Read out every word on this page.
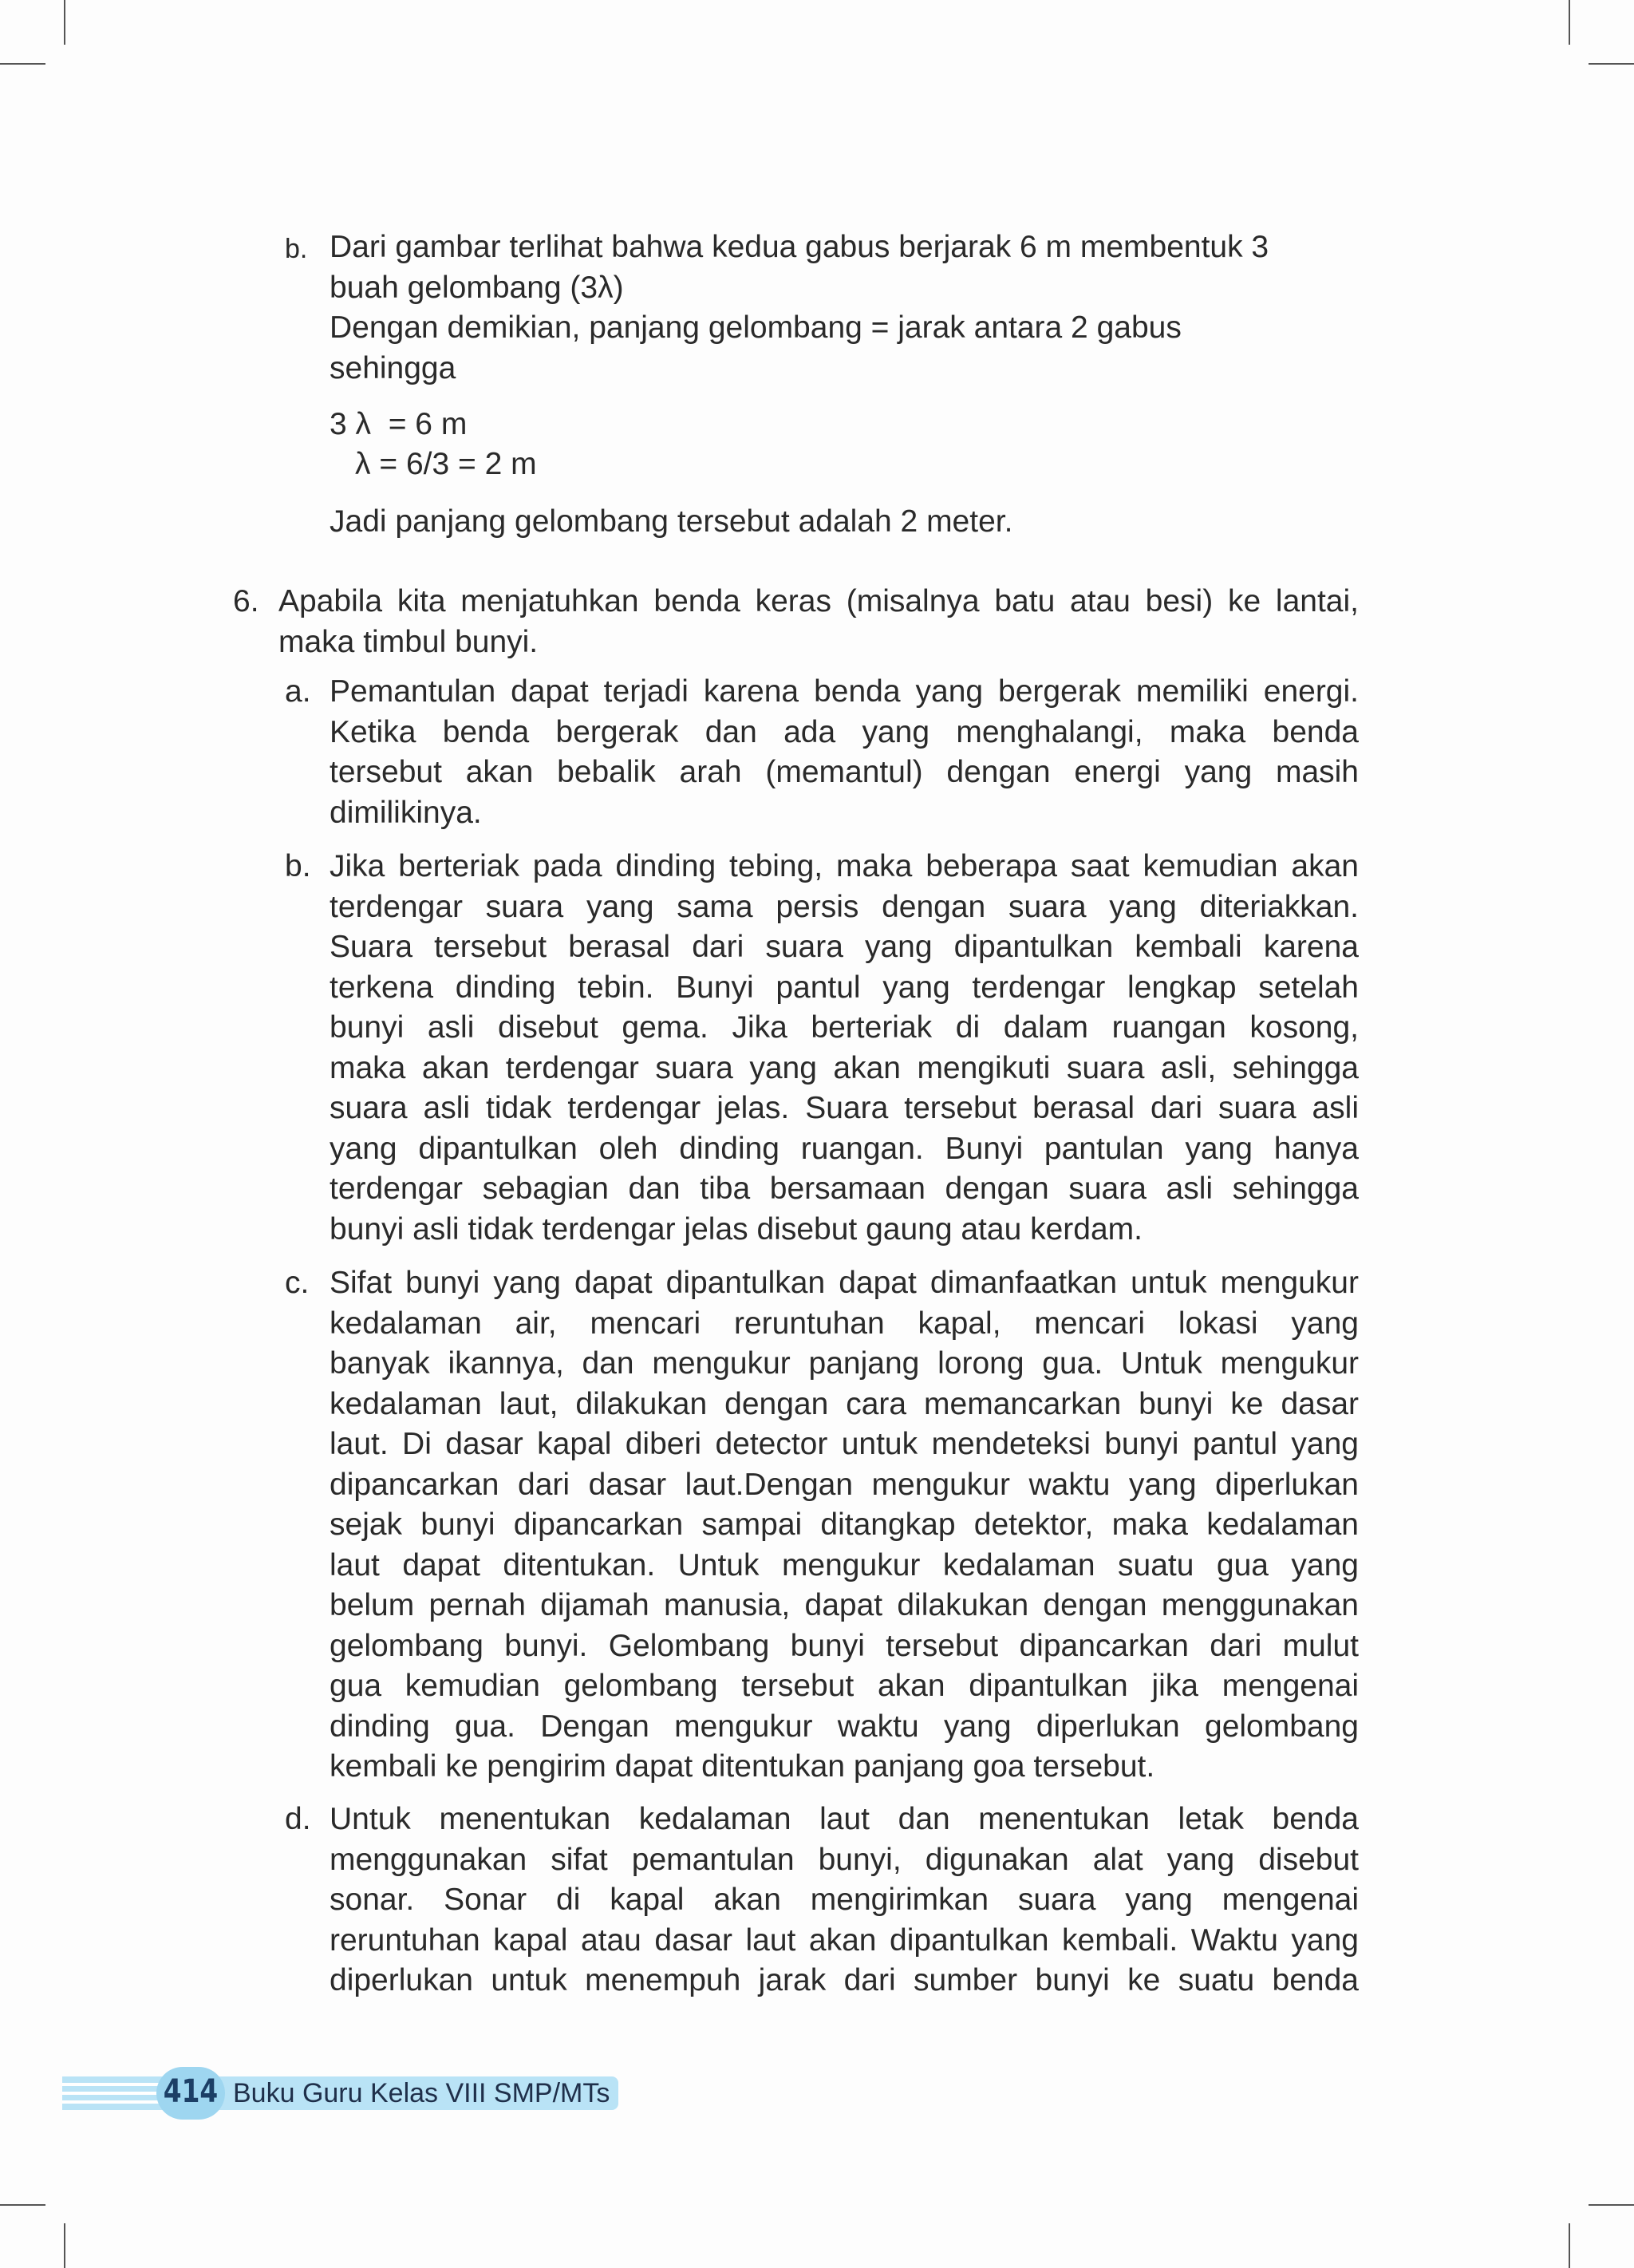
b. Dari gambar terlihat bahwa kedua gabus berjarak 6 m membentuk 3
buah gelombang (3λ)
Dengan demikian, panjang gelombang = jarak antara 2 gabus
sehingga
3 λ  = 6 m
λ = 6/3 = 2 m
Jadi panjang gelombang tersebut adalah 2 meter.
6. Apabila kita menjatuhkan benda keras (misalnya batu atau besi) ke lantai,
maka timbul bunyi.
a. Pemantulan dapat terjadi karena benda yang bergerak memiliki energi.
Ketika benda bergerak dan ada yang menghalangi, maka benda
tersebut akan bebalik arah (memantul) dengan energi yang masih
dimilikinya.
b. Jika berteriak pada dinding tebing, maka beberapa saat kemudian akan
terdengar suara yang sama persis dengan suara yang diteriakkan.
Suara tersebut berasal dari suara yang dipantulkan kembali karena
terkena dinding tebin. Bunyi pantul yang terdengar lengkap setelah
bunyi asli disebut gema. Jika berteriak di dalam ruangan kosong,
maka akan terdengar suara yang akan mengikuti suara asli, sehingga
suara asli tidak terdengar jelas. Suara tersebut berasal dari suara asli
yang dipantulkan oleh dinding ruangan. Bunyi pantulan yang hanya
terdengar sebagian dan tiba bersamaan dengan suara asli sehingga
bunyi asli tidak terdengar jelas disebut gaung atau kerdam.
c. Sifat bunyi yang dapat dipantulkan dapat dimanfaatkan untuk mengukur
kedalaman air, mencari reruntuhan kapal, mencari lokasi yang
banyak ikannya, dan mengukur panjang lorong gua. Untuk mengukur
kedalaman laut, dilakukan dengan cara memancarkan bunyi ke dasar
laut. Di dasar kapal diberi detector untuk mendeteksi bunyi pantul yang
dipancarkan dari dasar laut.Dengan mengukur waktu yang diperlukan
sejak bunyi dipancarkan sampai ditangkap detektor, maka kedalaman
laut dapat ditentukan. Untuk mengukur kedalaman suatu gua yang
belum pernah dijamah manusia, dapat dilakukan dengan menggunakan
gelombang bunyi. Gelombang bunyi tersebut dipancarkan dari mulut
gua kemudian gelombang tersebut akan dipantulkan jika mengenai
dinding gua. Dengan mengukur waktu yang diperlukan gelombang
kembali ke pengirim dapat ditentukan panjang goa tersebut.
d. Untuk menentukan kedalaman laut dan menentukan letak benda
menggunakan sifat pemantulan bunyi, digunakan alat yang disebut
sonar. Sonar di kapal akan mengirimkan suara yang mengenai
reruntuhan kapal atau dasar laut akan dipantulkan kembali. Waktu yang
diperlukan untuk menempuh jarak dari sumber bunyi ke suatu benda
414 Buku Guru Kelas VIII SMP/MTs
